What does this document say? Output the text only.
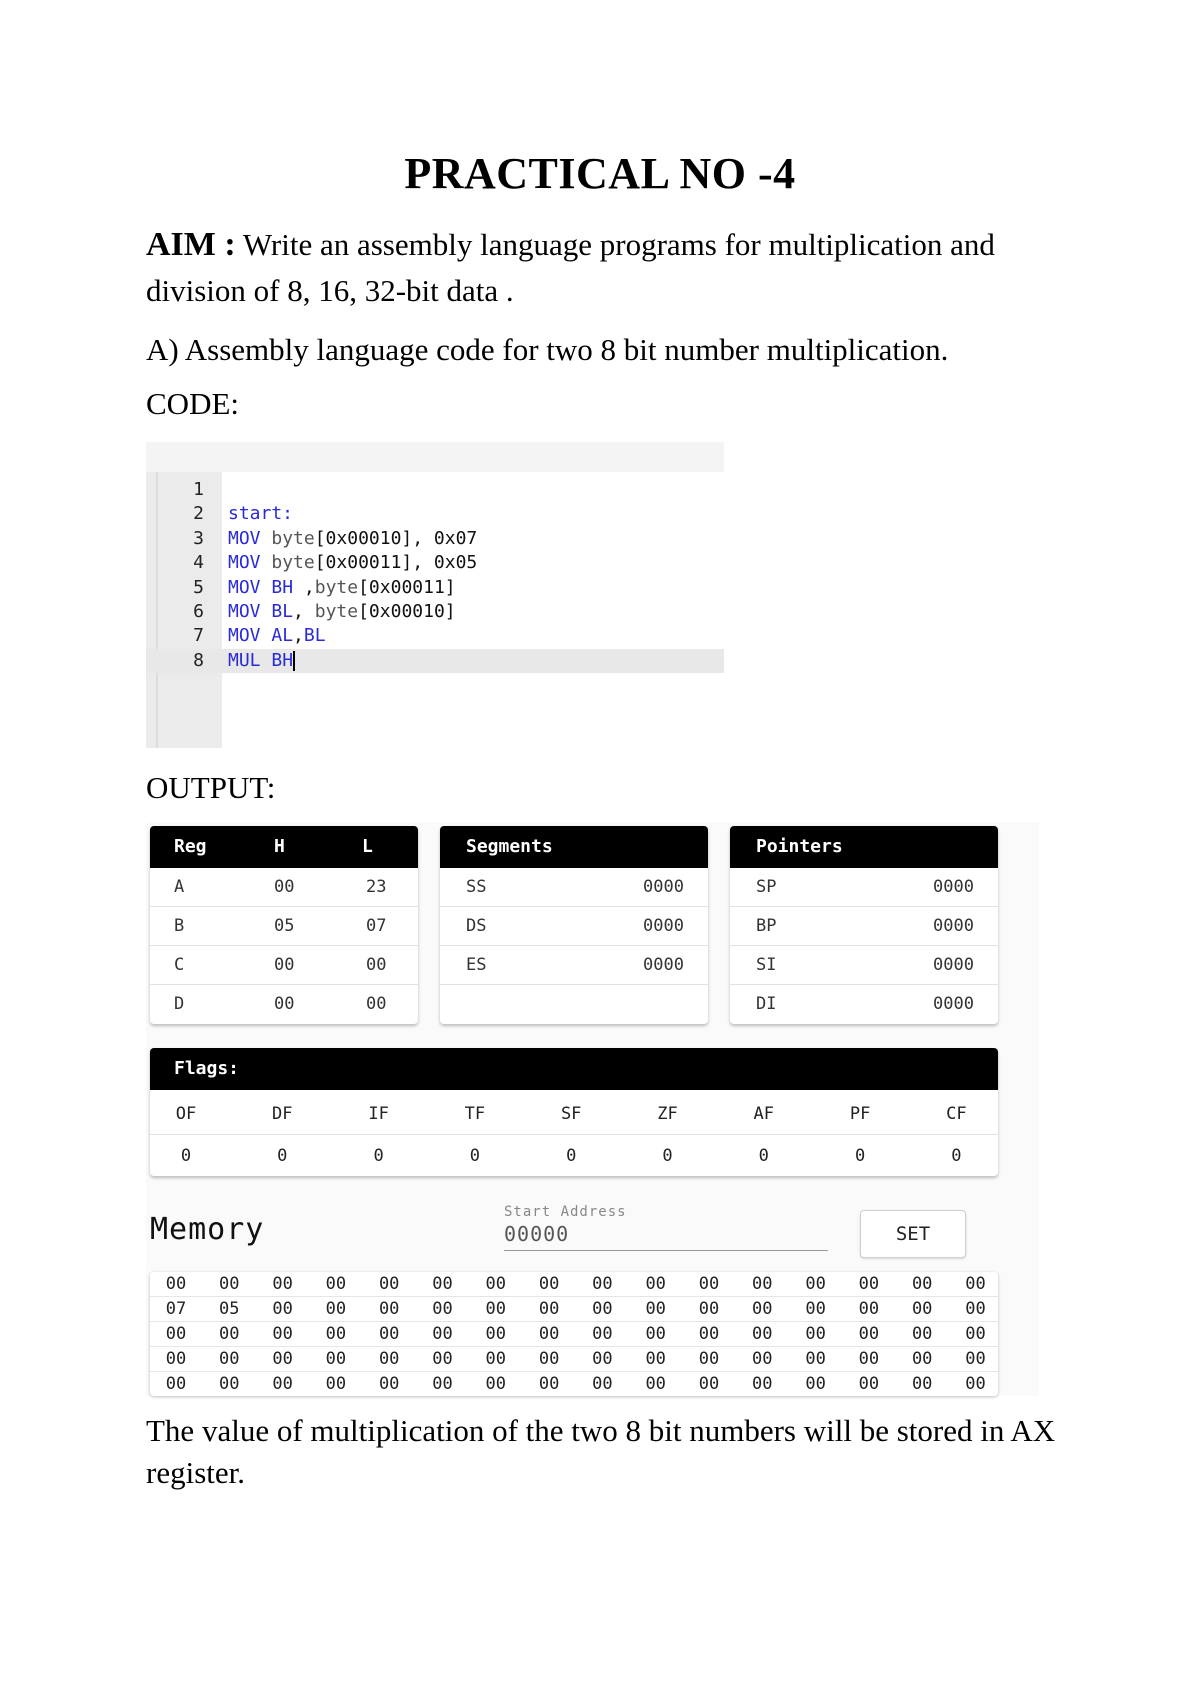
PRACTICAL NO -4
AIM : Write an assembly language programs for multiplication and division of 8, 16, 32-bit data .
A) Assembly language code for two 8 bit number multiplication.
CODE:
1
2 start:
3 MOV byte[0x00010], 0x07
4 MOV byte[0x00011], 0x05
5 MOV BH ,byte[0x00011]
6 MOV BL, byte[0x00010]
7 MOV AL,BL
8 MUL BH
OUTPUT:
Reg	H	L
A	00	23
B	05	07
C	00	00
D	00	00
Segments
SS	0000
DS	0000
ES	0000
Pointers
SP	0000
BP	0000
SI	0000
DI	0000
Flags:
OF	DF	IF	TF	SF	ZF	AF	PF	CF
0	0	0	0	0	0	0	0	0
Memory	Start Address
00000	SET
00	00	00	00	00	00	00	00	00	00	00	00	00	00	00	00
07	05	00	00	00	00	00	00	00	00	00	00	00	00	00	00
00	00	00	00	00	00	00	00	00	00	00	00	00	00	00	00
00	00	00	00	00	00	00	00	00	00	00	00	00	00	00	00
00	00	00	00	00	00	00	00	00	00	00	00	00	00	00	00
The value of multiplication of the two 8 bit numbers will be stored in AX register.
